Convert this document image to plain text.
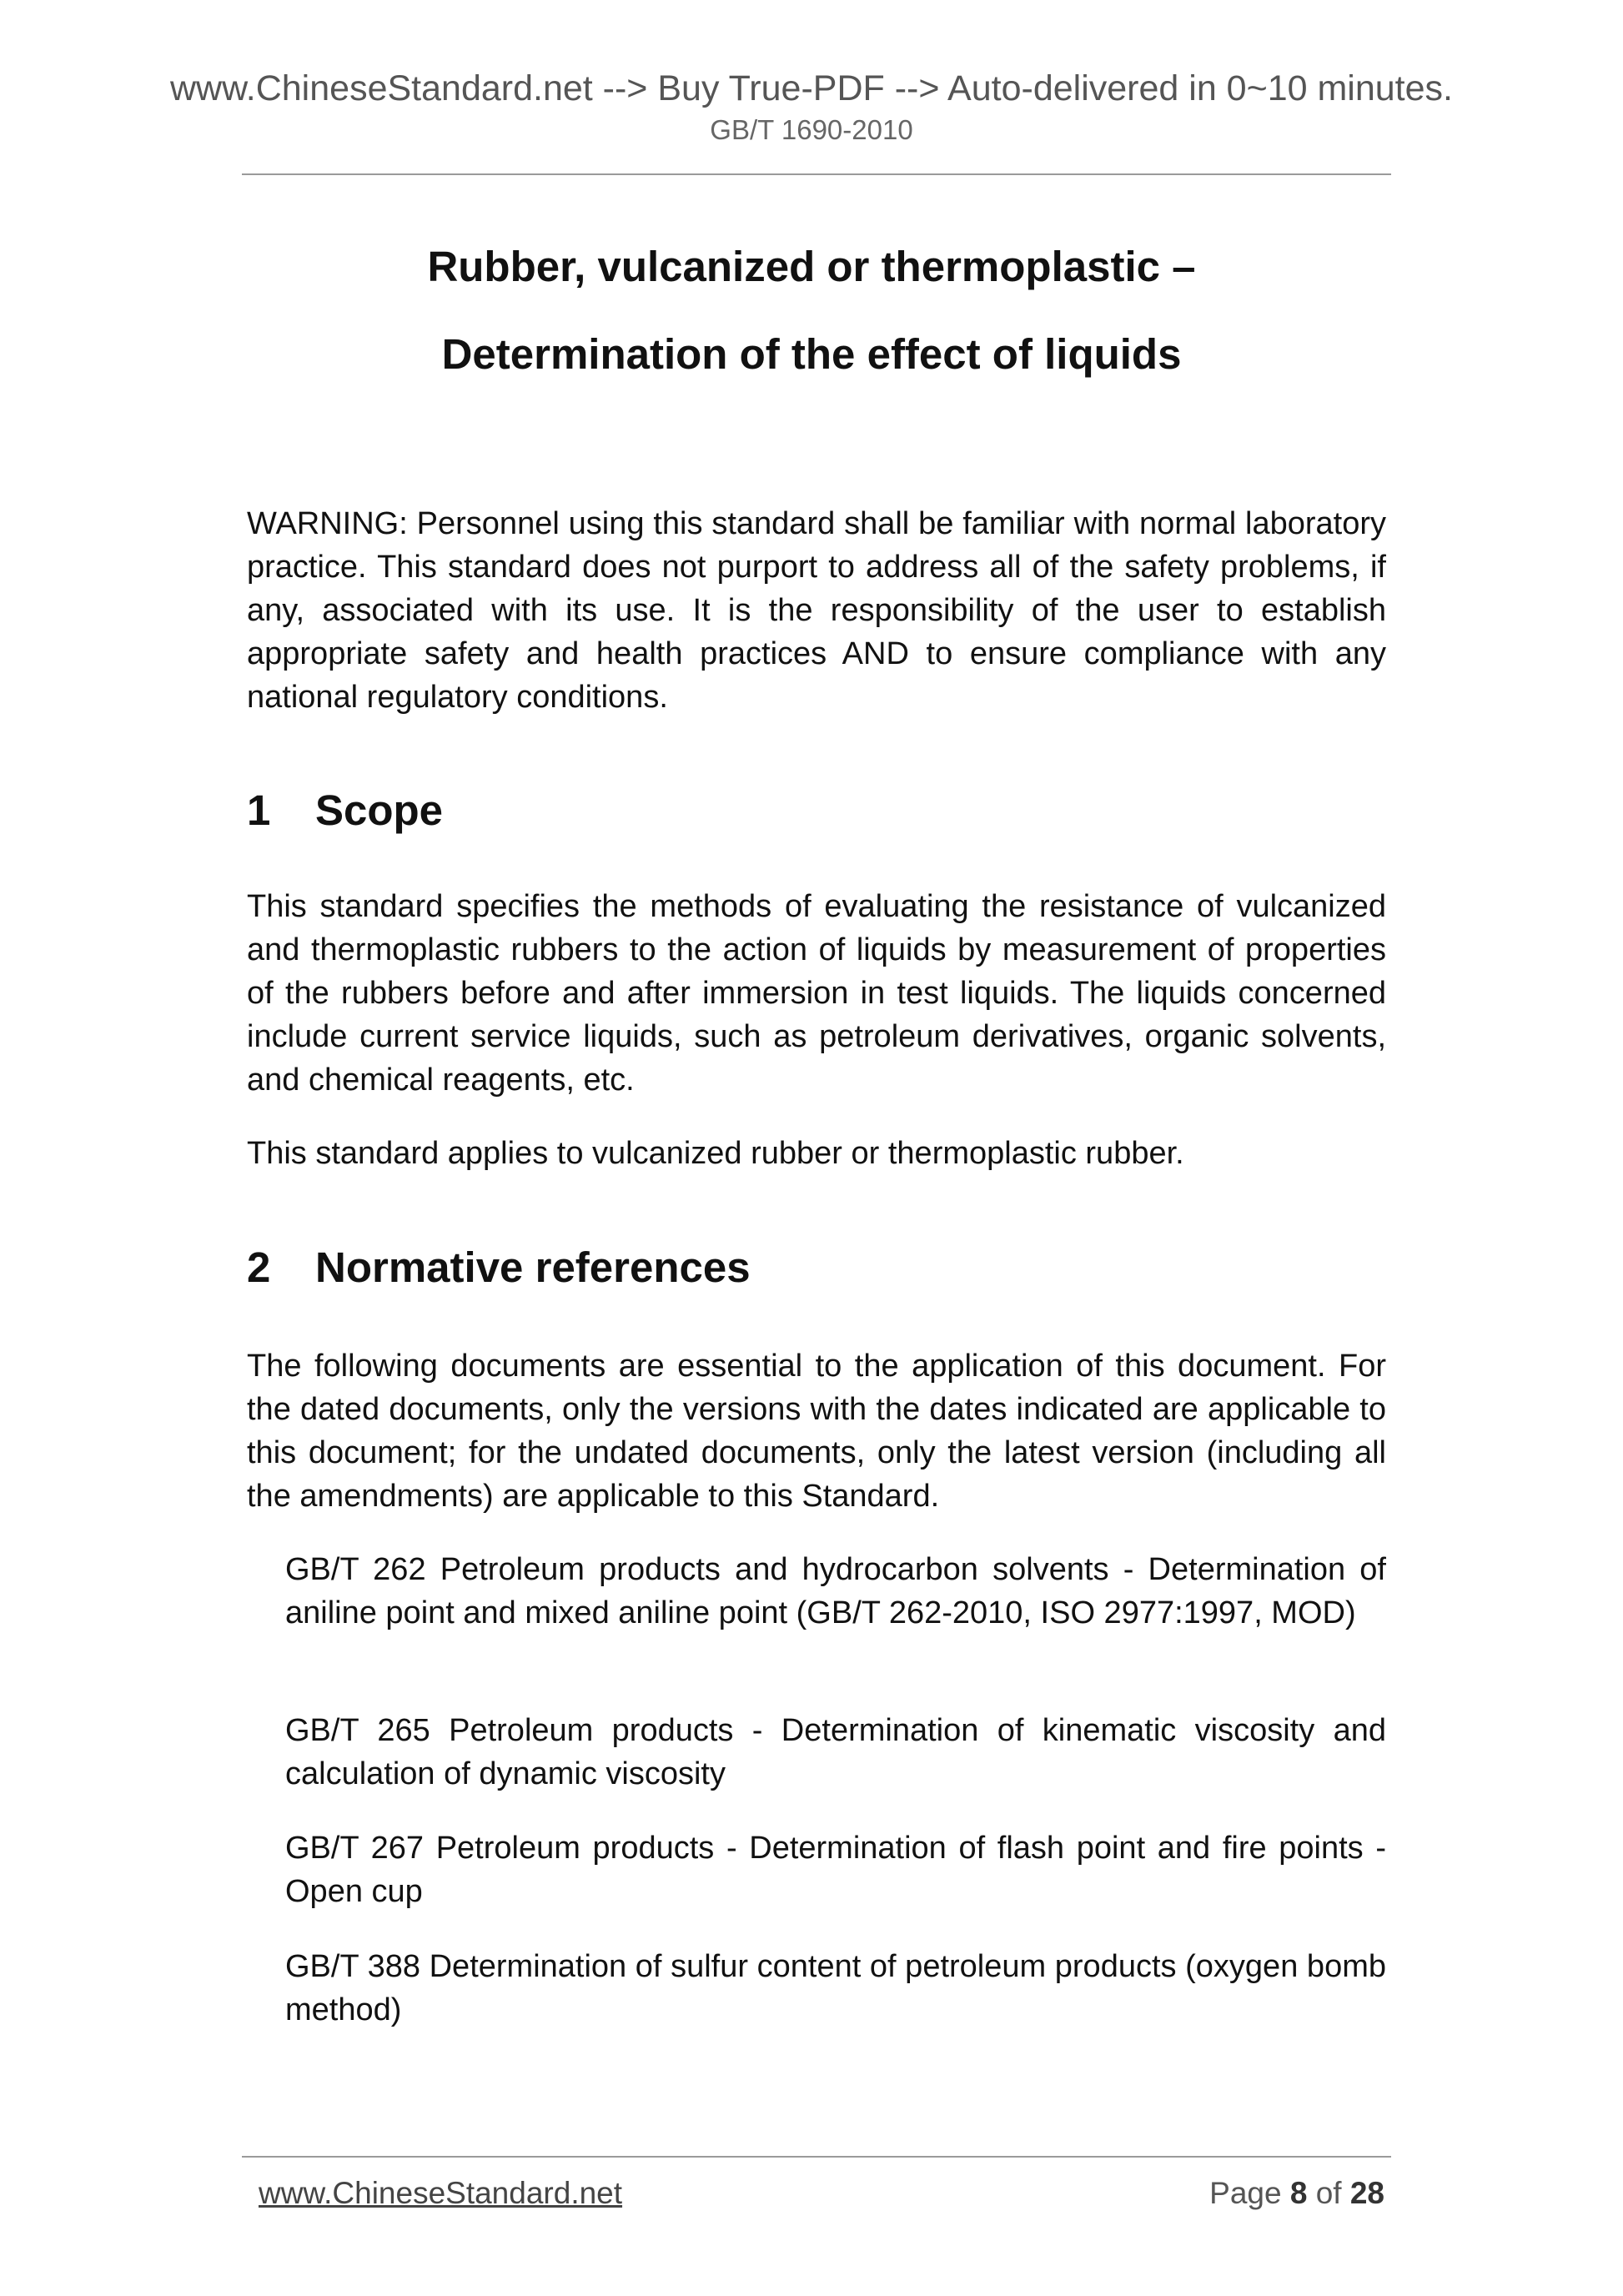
www.ChineseStandard.net --> Buy True-PDF --> Auto-delivered in 0~10 minutes.
GB/T 1690-2010
Rubber, vulcanized or thermoplastic –
Determination of the effect of liquids
WARNING: Personnel using this standard shall be familiar with normal laboratory practice. This standard does not purport to address all of the safety problems, if any, associated with its use. It is the responsibility of the user to establish appropriate safety and health practices AND to ensure compliance with any national regulatory conditions.
1 Scope
This standard specifies the methods of evaluating the resistance of vulcanized and thermoplastic rubbers to the action of liquids by measurement of properties of the rubbers before and after immersion in test liquids. The liquids concerned include current service liquids, such as petroleum derivatives, organic solvents, and chemical reagents, etc.
This standard applies to vulcanized rubber or thermoplastic rubber.
2 Normative references
The following documents are essential to the application of this document. For the dated documents, only the versions with the dates indicated are applicable to this document; for the undated documents, only the latest version (including all the amendments) are applicable to this Standard.
GB/T 262 Petroleum products and hydrocarbon solvents - Determination of aniline point and mixed aniline point (GB/T 262-2010, ISO 2977:1997, MOD)
GB/T 265 Petroleum products - Determination of kinematic viscosity and calculation of dynamic viscosity
GB/T 267 Petroleum products - Determination of flash point and fire points - Open cup
GB/T 388 Determination of sulfur content of petroleum products (oxygen bomb method)
www.ChineseStandard.net	Page 8 of 28
